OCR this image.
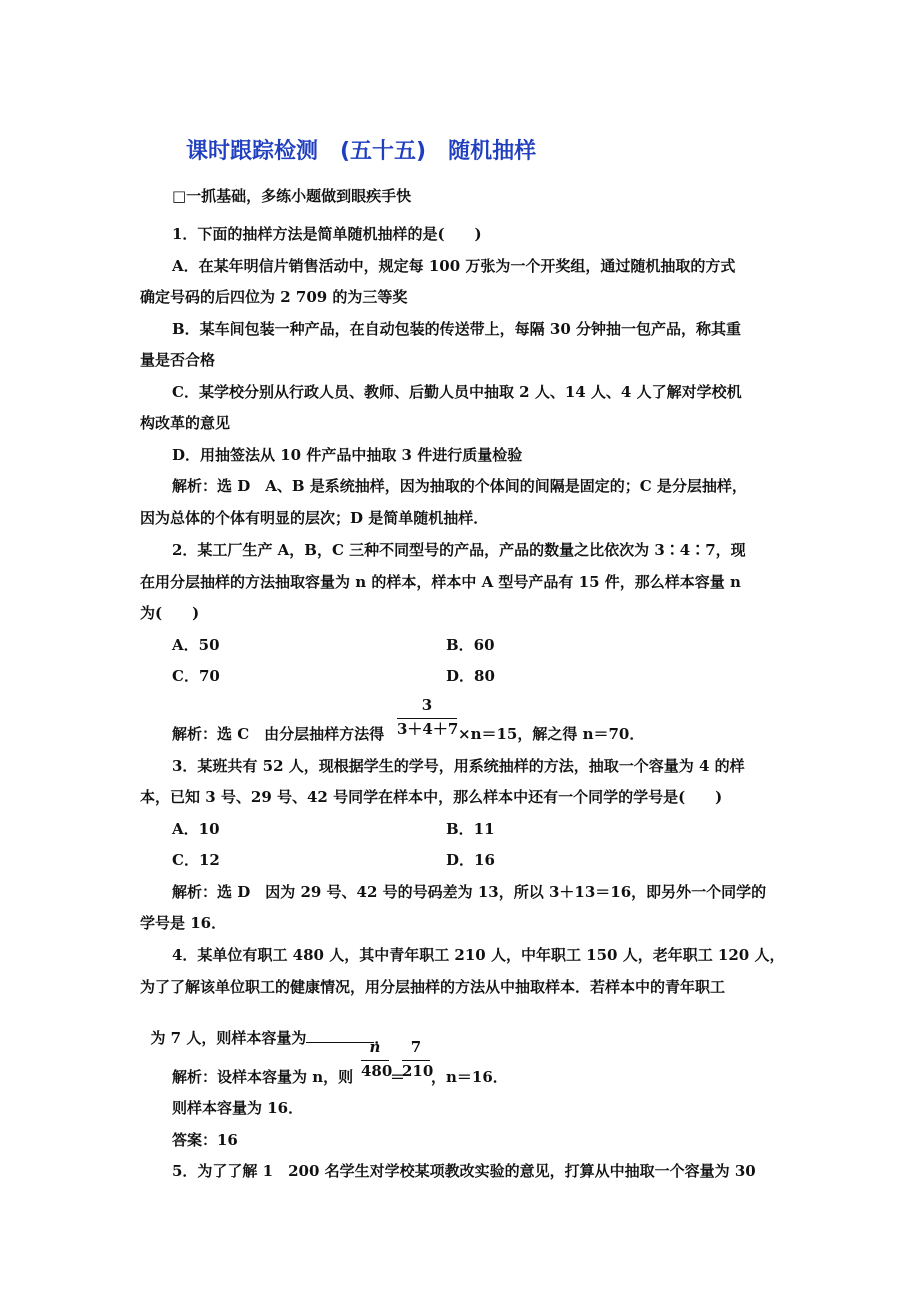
课时跟踪检测　(五十五)　随机抽样
□一抓基础，多练小题做到眼疾手快
1．下面的抽样方法是简单随机抽样的是(　　)
A．在某年明信片销售活动中，规定每 100 万张为一个开奖组，通过随机抽取的方式
确定号码的后四位为 2 709 的为三等奖
B．某车间包装一种产品，在自动包装的传送带上，每隔 30 分钟抽一包产品，称其重
量是否合格
C．某学校分别从行政人员、教师、后勤人员中抽取 2 人、14 人、4 人了解对学校机
构改革的意见
D．用抽签法从 10 件产品中抽取 3 件进行质量检验
解析：选 D　A、B 是系统抽样，因为抽取的个体间的间隔是固定的；C 是分层抽样，
因为总体的个体有明显的层次；D 是简单随机抽样．
2．某工厂生产 A，B，C 三种不同型号的产品，产品的数量之比依次为 3∶4∶7，现
在用分层抽样的方法抽取容量为 n 的样本，样本中 A 型号产品有 15 件，那么样本容量 n
为(　　)
A．50	B．60
C．70	D．80
解析：选 C　由分层抽样方法得
3
3＋4＋7 ×n＝15，解之得 n＝70．
3．某班共有 52 人，现根据学生的学号，用系统抽样的方法，抽取一个容量为 4 的样
本，已知 3 号、29 号、42 号同学在样本中，那么样本中还有一个同学的学号是(　　)
A．10	B．11
C．12	D．16
解析：选 D　因为 29 号、42 号的号码差为 13，所以 3＋13＝16，即另外一个同学的
学号是 16．
4．某单位有职工 480 人，其中青年职工 210 人，中年职工 150 人，老年职工 120 人，
为了了解该单位职工的健康情况，用分层抽样的方法从中抽取样本．若样本中的青年职工

为 7 人，则样本容量为	．

解析：设样本容量为 n，则
n
480
＝
7
210
，n＝16．
则样本容量为 16．
答案：16
5．为了了解 1　200 名学生对学校某项教改实验的意见，打算从中抽取一个容量为 30
